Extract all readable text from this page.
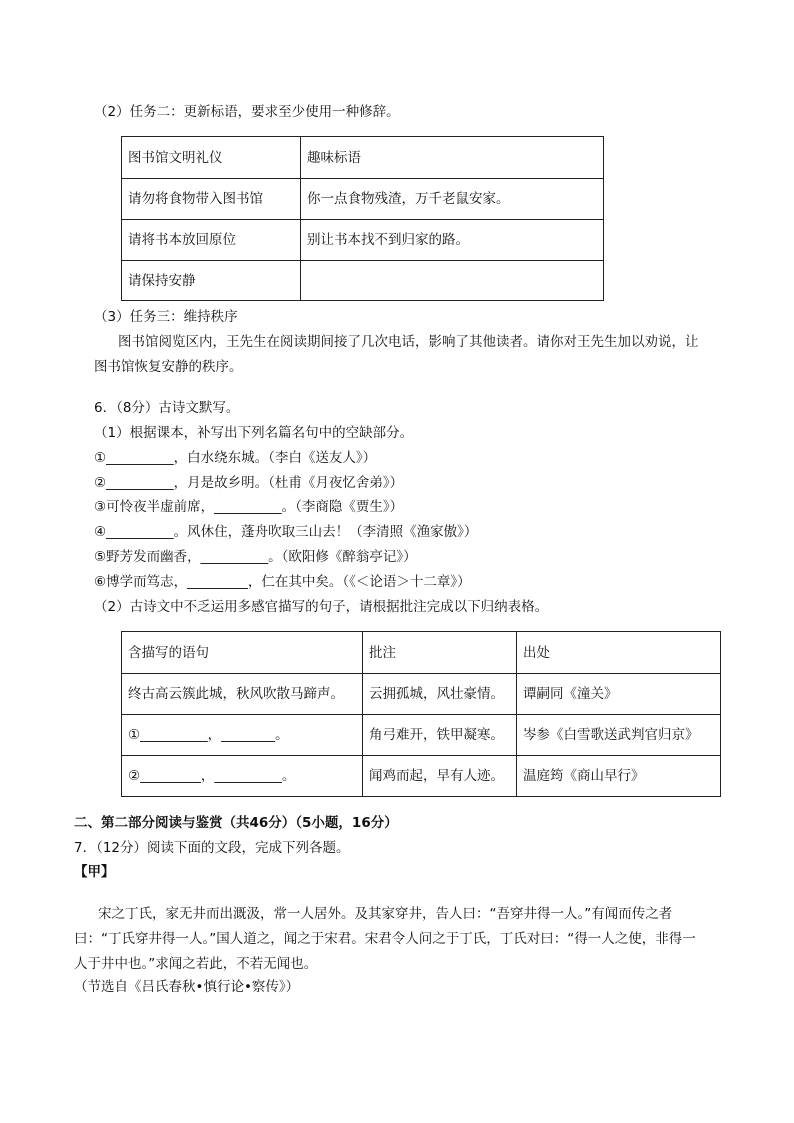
（2）任务二：更新标语，要求至少使用一种修辞。
图书馆文明礼仪	趣味标语
请勿将食物带入图书馆	你一点食物残渣，万千老鼠安家。
请将书本放回原位	别让书本找不到归家的路。
请保持安静	
（3）任务三：维持秩序
图书馆阅览区内，王先生在阅读期间接了几次电话，影响了其他读者。请你对王先生加以劝说，让
图书馆恢复安静的秩序。
6．（8分）古诗文默写。
（1）根据课本，补写出下列名篇名句中的空缺部分。
①__________，白水绕东城。（李白《送友人》）
②__________，月是故乡明。（杜甫《月夜忆舍弟》）
③可怜夜半虚前席，__________。（李商隐《贾生》）
④__________。风休住，蓬舟吹取三山去！（李清照《渔家傲》）
⑤野芳发而幽香，__________。（欧阳修《醉翁亭记》）
⑥博学而笃志，_________，仁在其中矣。（《＜论语＞十二章》）
（2）古诗文中不乏运用多感官描写的句子，请根据批注完成以下归纳表格。
含描写的语句	批注	出处
终古高云簇此城，秋风吹散马蹄声。	云拥孤城，风壮豪情。	谭嗣同《潼关》
①__________，________。	角弓难开，铁甲凝寒。	岑参《白雪歌送武判官归京》
②_________，__________。	闻鸡而起，早有人迹。	温庭筠《商山早行》
二、第二部分阅读与鉴赏（共46分）（5小题，16分）
7．（12分）阅读下面的文段，完成下列各题。
【甲】
宋之丁氏，家无井而出溉汲，常一人居外。及其家穿井，告人曰：“吾穿井得一人。”有闻而传之者
曰：“丁氏穿井得一人。”国人道之，闻之于宋君。宋君令人问之于丁氏，丁氏对曰：“得一人之使，非得一
人于井中也。”求闻之若此，不若无闻也。
（节选自《吕氏春秋•慎行论•察传》）
